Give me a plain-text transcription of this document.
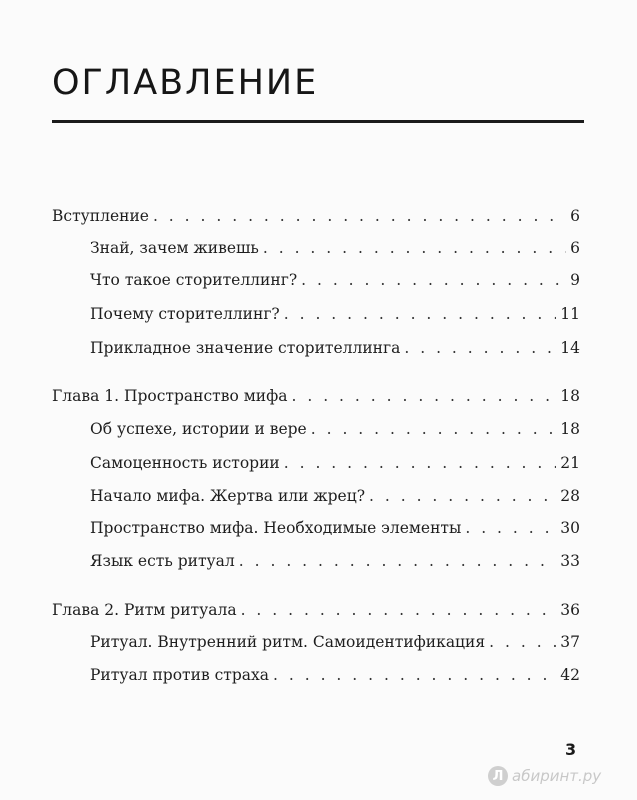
ОГЛАВЛЕНИЕ
Вступление . . .	6
Знай, зачем живешь . . .	6
Что такое сторителлинг? . . .	9
Почему сторителлинг? . . .	11
Прикладное значение сторителлинга . . .	14
Глава 1. Пространство мифа . . .	18
Об успехе, истории и вере . . .	18
Самоценность истории . . .	21
Начало мифа. Жертва или жрец? . . .	28
Пространство мифа. Необходимые элементы . . .	30
Язык есть ритуал . . .	33
Глава 2. Ритм ритуала . . .	36
Ритуал. Внутренний ритм. Самоидентификация . . .	37
Ритуал против страха . . .	42
3
Л абиринт.ру
